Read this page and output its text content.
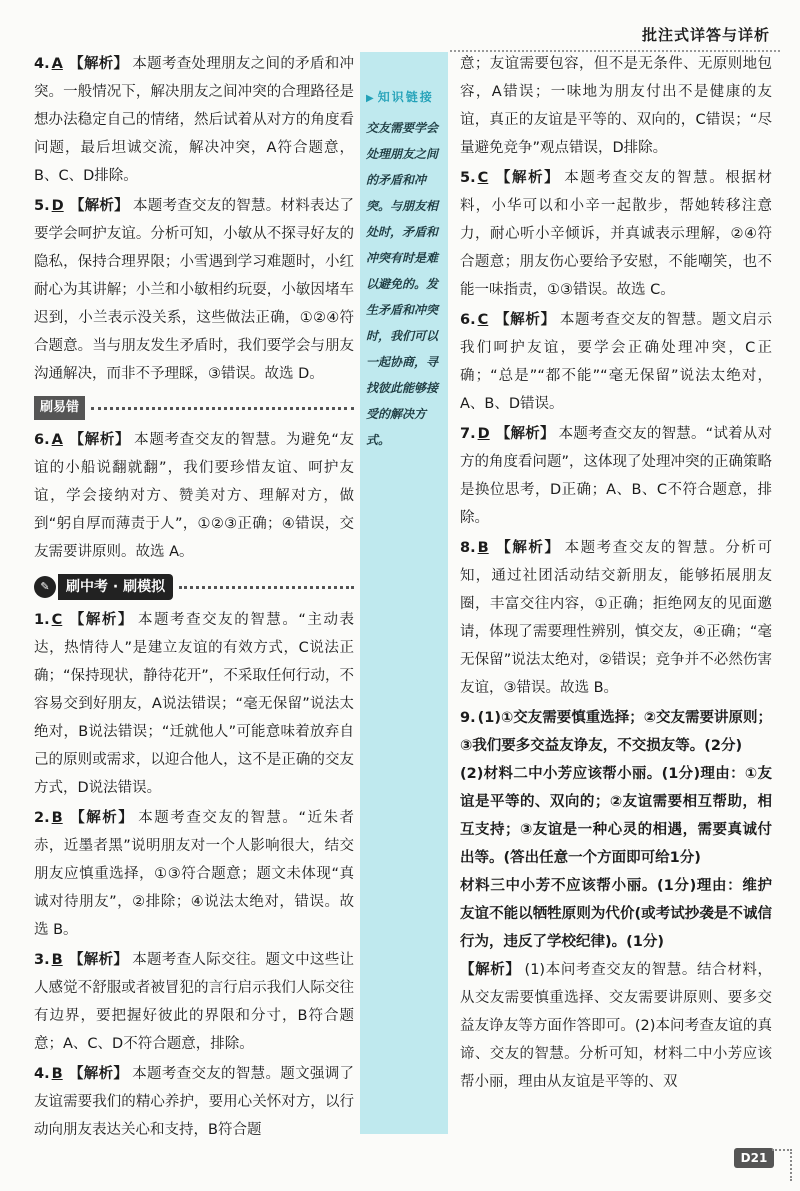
批注式详答与详析
4. A 【解析】 本题考查处理朋友之间的矛盾和冲突。一般情况下，解决朋友之间冲突的合理路径是想办法稳定自己的情绪，然后试着从对方的角度看问题，最后坦诚交流，解决冲突，A符合题意，B、C、D排除。
5. D 【解析】 本题考查交友的智慧。材料表达了要学会呵护友谊。分析可知，小敏从不探寻好友的隐私，保持合理界限；小雪遇到学习难题时，小红耐心为其讲解；小兰和小敏相约玩耍，小敏因堵车迟到，小兰表示没关系，这些做法正确，①②④符合题意。当与朋友发生矛盾时，我们要学会与朋友沟通解决，而非不予理睬，③错误。故选 D。
刷易错
6. A 【解析】 本题考查交友的智慧。为避免“友谊的小船说翻就翻”，我们要珍惜友谊、呵护友谊，学会接纳对方、赞美对方、理解对方，做到“躬自厚而薄责于人”，①②③正确；④错误，交友需要讲原则。故选 A。
✎	刷中考 · 刷模拟
1. C 【解析】 本题考查交友的智慧。“主动表达，热情待人”是建立友谊的有效方式，C说法正确；“保持现状，静待花开”，不采取任何行动，不容易交到好朋友，A说法错误；“毫无保留”说法太绝对，B说法错误；“迁就他人”可能意味着放弃自己的原则或需求，以迎合他人，这不是正确的交友方式，D说法错误。
2. B 【解析】 本题考查交友的智慧。“近朱者赤，近墨者黑”说明朋友对一个人影响很大，结交朋友应慎重选择，①③符合题意；题文未体现“真诚对待朋友”，②排除；④说法太绝对，错误。故选 B。
3. B 【解析】 本题考查人际交往。题文中这些让人感觉不舒服或者被冒犯的言行启示我们人际交往有边界，要把握好彼此的界限和分寸，B符合题意；A、C、D不符合题意，排除。
4. B 【解析】 本题考查交友的智慧。题文强调了友谊需要我们的精心养护，要用心关怀对方，以行动向朋友表达关心和支持，B符合题
▶ 知识链接
交友需要学会处理朋友之间的矛盾和冲突。与朋友相处时，矛盾和冲突有时是难以避免的。发生矛盾和冲突时，我们可以一起协商，寻找彼此能够接受的解决方式。
意；友谊需要包容，但不是无条件、无原则地包容，A错误；一味地为朋友付出不是健康的友谊，真正的友谊是平等的、双向的，C错误；“尽量避免竞争”观点错误，D排除。
5. C 【解析】 本题考查交友的智慧。根据材料，小华可以和小辛一起散步，帮她转移注意力，耐心听小辛倾诉，并真诚表示理解，②④符合题意；朋友伤心要给予安慰，不能嘲笑，也不能一味指责，①③错误。故选 C。
6. C 【解析】 本题考查交友的智慧。题文启示我们呵护友谊，要学会正确处理冲突，C正确；“总是”“都不能”“毫无保留”说法太绝对，A、B、D错误。
7. D 【解析】 本题考查交友的智慧。“试着从对方的角度看问题”，这体现了处理冲突的正确策略是换位思考，D正确；A、B、C不符合题意，排除。
8. B 【解析】 本题考查交友的智慧。分析可知，通过社团活动结交新朋友，能够拓展朋友圈，丰富交往内容，①正确；拒绝网友的见面邀请，体现了需要理性辨别，慎交友，④正确；“毫无保留”说法太绝对，②错误；竞争并不必然伤害友谊，③错误。故选 B。
9. (1)①交友需要慎重选择；②交友需要讲原则；③我们要多交益友诤友，不交损友等。(2分)
(2)材料二中小芳应该帮小丽。(1分)理由：①友谊是平等的、双向的；②友谊需要相互帮助，相互支持；③友谊是一种心灵的相遇，需要真诚付出等。(答出任意一个方面即可给1分)
材料三中小芳不应该帮小丽。(1分)理由：维护友谊不能以牺牲原则为代价(或考试抄袭是不诚信行为，违反了学校纪律)。(1分)
【解析】 (1)本问考查交友的智慧。结合材料，从交友需要慎重选择、交友需要讲原则、要多交益友诤友等方面作答即可。(2)本问考查友谊的真谛、交友的智慧。分析可知，材料二中小芳应该帮小丽，理由从友谊是平等的、双
D21
